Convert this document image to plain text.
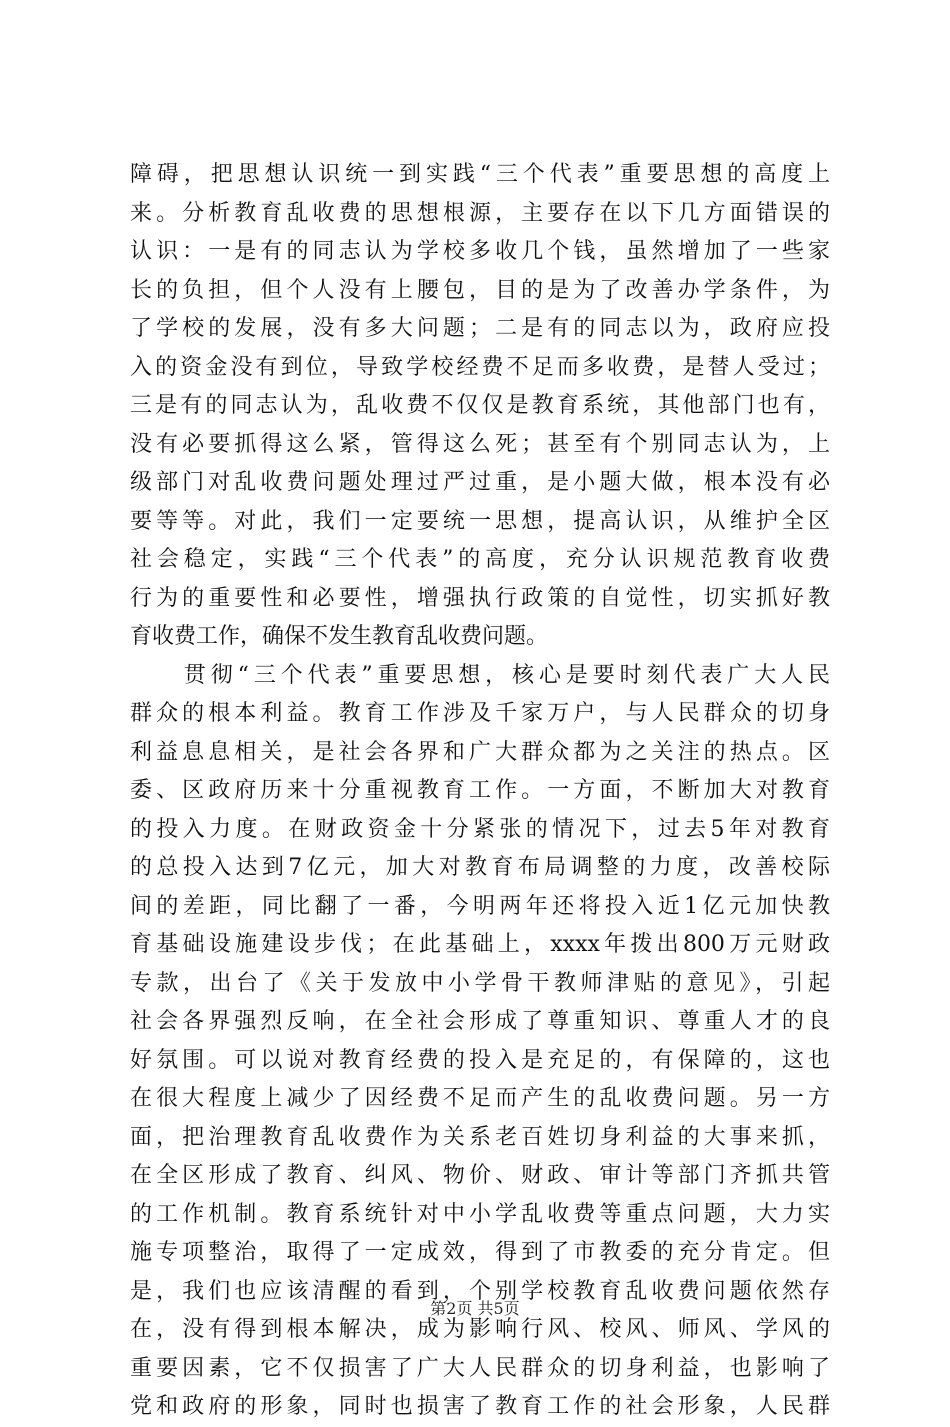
障碍，把思想认识统一到实践“三个代表”重要思想的高度上
来。分析教育乱收费的思想根源，主要存在以下几方面错误的
认识：一是有的同志认为学校多收几个钱，虽然增加了一些家
长的负担，但个人没有上腰包，目的是为了改善办学条件，为
了学校的发展，没有多大问题；二是有的同志以为，政府应投
入的资金没有到位，导致学校经费不足而多收费，是替人受过；
三是有的同志认为，乱收费不仅仅是教育系统，其他部门也有，
没有必要抓得这么紧，管得这么死；甚至有个别同志认为，上
级部门对乱收费问题处理过严过重，是小题大做，根本没有必
要等等。对此，我们一定要统一思想，提高认识，从维护全区
社会稳定，实践“三个代表”的高度，充分认识规范教育收费
行为的重要性和必要性，增强执行政策的自觉性，切实抓好教
育收费工作，确保不发生教育乱收费问题。
　　贯彻“三个代表”重要思想，核心是要时刻代表广大人民
群众的根本利益。教育工作涉及千家万户，与人民群众的切身
利益息息相关，是社会各界和广大群众都为之关注的热点。区
委、区政府历来十分重视教育工作。一方面，不断加大对教育
的投入力度。在财政资金十分紧张的情况下，过去5年对教育
的总投入达到7亿元，加大对教育布局调整的力度，改善校际
间的差距，同比翻了一番，今明两年还将投入近1亿元加快教
育基础设施建设步伐；在此基础上，xxxx年拨出800万元财政
专款，出台了《关于发放中小学骨干教师津贴的意见》，引起
社会各界强烈反响，在全社会形成了尊重知识、尊重人才的良
好氛围。可以说对教育经费的投入是充足的，有保障的，这也
在很大程度上减少了因经费不足而产生的乱收费问题。另一方
面，把治理教育乱收费作为关系老百姓切身利益的大事来抓，
在全区形成了教育、纠风、物价、财政、审计等部门齐抓共管
的工作机制。教育系统针对中小学乱收费等重点问题，大力实
施专项整治，取得了一定成效，得到了市教委的充分肯定。但
是，我们也应该清醒的看到，个别学校教育乱收费问题依然存
在，没有得到根本解决，成为影响行风、校风、师风、学风的
重要因素，它不仅损害了广大人民群众的切身利益，也影响了
党和政府的形象，同时也损害了教育工作的社会形象，人民群
第2页 共5页
